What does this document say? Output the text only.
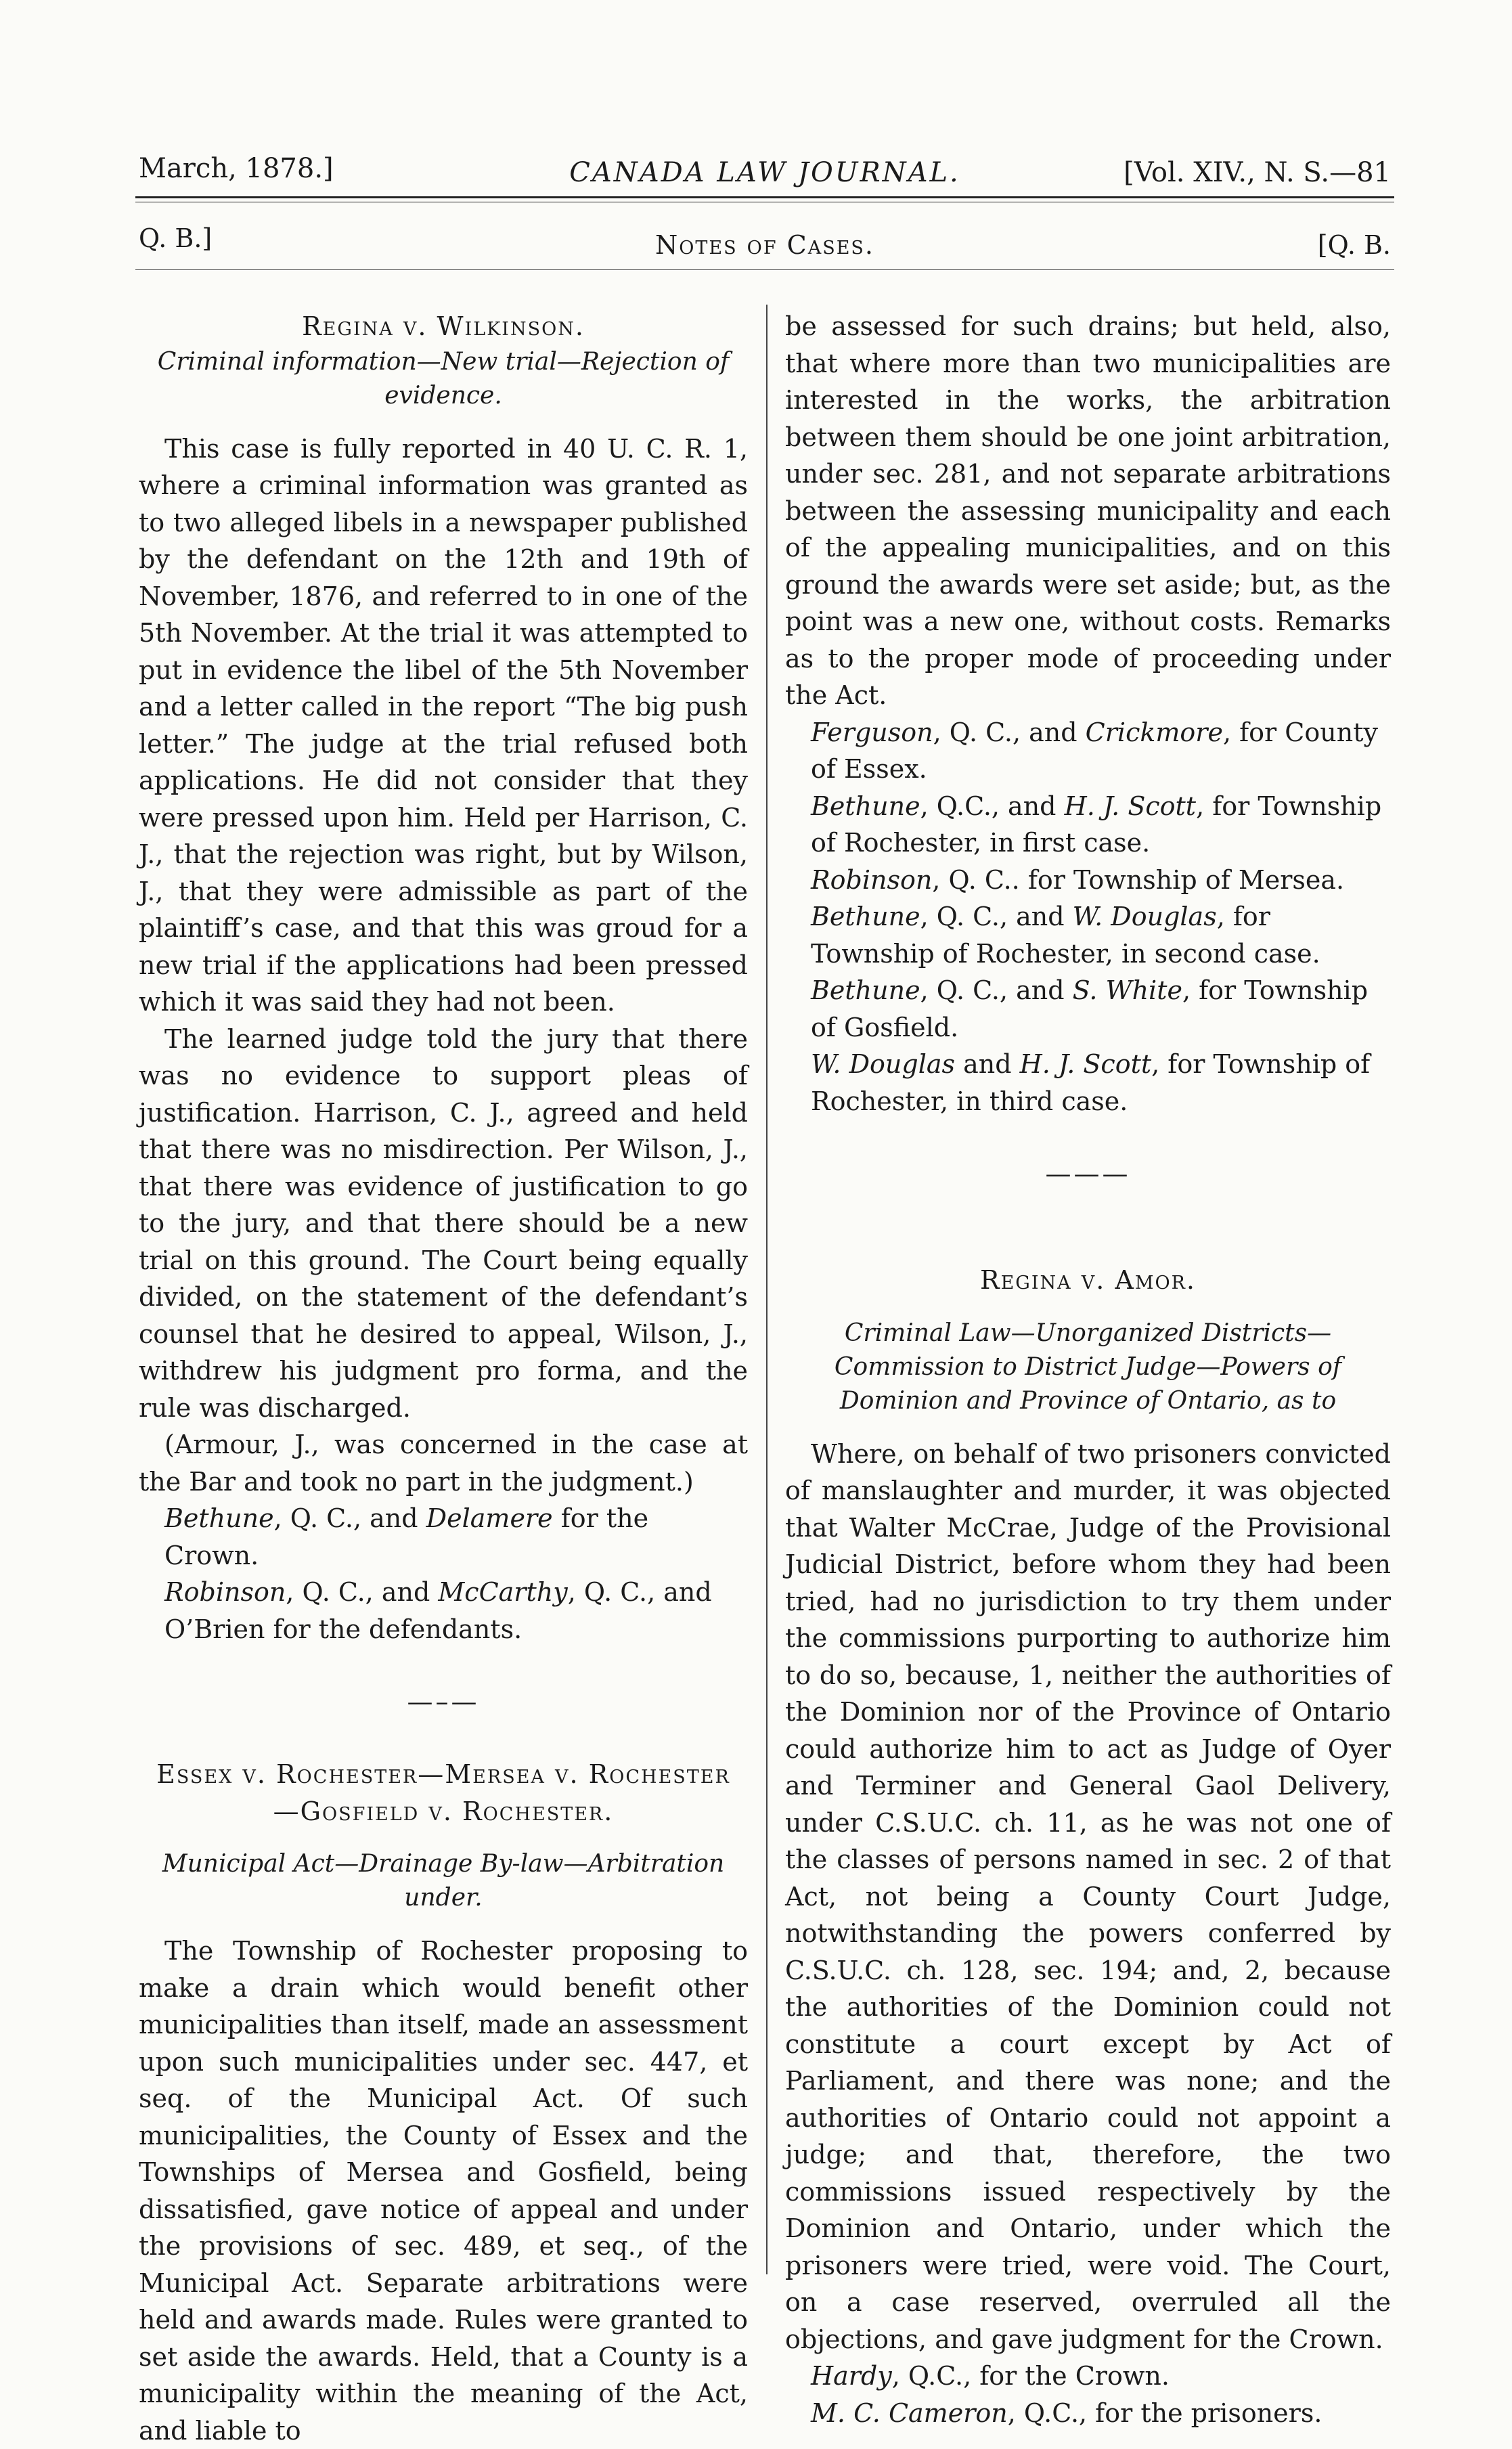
March, 1878.]	CANADA LAW JOURNAL.	[Vol. XIV., N. S.—81
Q. B.]	Notes of Cases.	[Q. B.

Regina v. Wilkinson.

Criminal information—New trial—Rejection of evidence.

This case is fully reported in 40 U. C. R. 1, where a criminal information was granted as to two alleged libels in a newspaper published by the defendant on the 12th and 19th of November, 1876, and referred to in one of the 5th November. At the trial it was attempted to put in evidence the libel of the 5th November and a letter called in the report “The big push letter.” The judge at the trial refused both applications. He did not consider that they were pressed upon him. Held per Harrison, C. J., that the rejection was right, but by Wilson, J., that they were admissible as part of the plaintiff’s case, and that this was groud for a new trial if the applications had been pressed which it was said they had not been.

The learned judge told the jury that there was no evidence to support pleas of justification. Harrison, C. J., agreed and held that there was no misdirection. Per Wilson, J., that there was evidence of justification to go to the jury, and that there should be a new trial on this ground. The Court being equally divided, on the statement of the defendant’s counsel that he desired to appeal, Wilson, J., withdrew his judgment pro forma, and the rule was discharged.

(Armour, J., was concerned in the case at the Bar and took no part in the judgment.)

Bethune, Q. C., and Delamere for the Crown.

Robinson, Q. C., and McCarthy, Q. C., and O’Brien for the defendants.

—–—

Essex v. Rochester—Mersea v. Rochester

—Gosfield v. Rochester.

Municipal Act—Drainage By-law—Arbitration under.

The Township of Rochester proposing to make a drain which would benefit other municipalities than itself, made an assessment upon such municipalities under sec. 447, et seq. of the Municipal Act. Of such municipalities, the County of Essex and the Townships of Mersea and Gosfield, being dissatisfied, gave notice of appeal and under the provisions of sec. 489, et seq., of the Municipal Act. Separate arbitrations were held and awards made. Rules were granted to set aside the awards. Held, that a County is a municipality within the meaning of the Act, and liable to

be assessed for such drains; but held, also, that where more than two municipalities are interested in the works, the arbitration between them should be one joint arbitration, under sec. 281, and not separate arbitrations between the assessing municipality and each of the appealing municipalities, and on this ground the awards were set aside; but, as the point was a new one, without costs. Remarks as to the proper mode of proceeding under the Act.

Ferguson, Q. C., and Crickmore, for County of Essex.

Bethune, Q.C., and H. J. Scott, for Township of Rochester, in first case.

Robinson, Q. C.. for Township of Mersea.

Bethune, Q. C., and W. Douglas, for Township of Rochester, in second case.

Bethune, Q. C., and S. White, for Township of Gosfield.

W. Douglas and H. J. Scott, for Township of Rochester, in third case.

———

Regina v. Amor.

Criminal Law—Unorganized Districts—Commission to District Judge—Powers of Dominion and Province of Ontario, as to

Where, on behalf of two prisoners convicted of manslaughter and murder, it was objected that Walter McCrae, Judge of the Provisional Judicial District, before whom they had been tried, had no jurisdiction to try them under the commissions purporting to authorize him to do so, because, 1, neither the authorities of the Dominion nor of the Province of Ontario could authorize him to act as Judge of Oyer and Terminer and General Gaol Delivery, under C.S.U.C. ch. 11, as he was not one of the classes of persons named in sec. 2 of that Act, not being a County Court Judge, notwithstanding the powers conferred by C.S.U.C. ch. 128, sec. 194; and, 2, because the authorities of the Dominion could not constitute a court except by Act of Parliament, and there was none; and the authorities of Ontario could not appoint a judge; and that, therefore, the two commissions issued respectively by the Dominion and Ontario, under which the prisoners were tried, were void. The Court, on a case reserved, overruled all the objections, and gave judgment for the Crown.

Hardy, Q.C., for the Crown.

M. C. Cameron, Q.C., for the prisoners.
